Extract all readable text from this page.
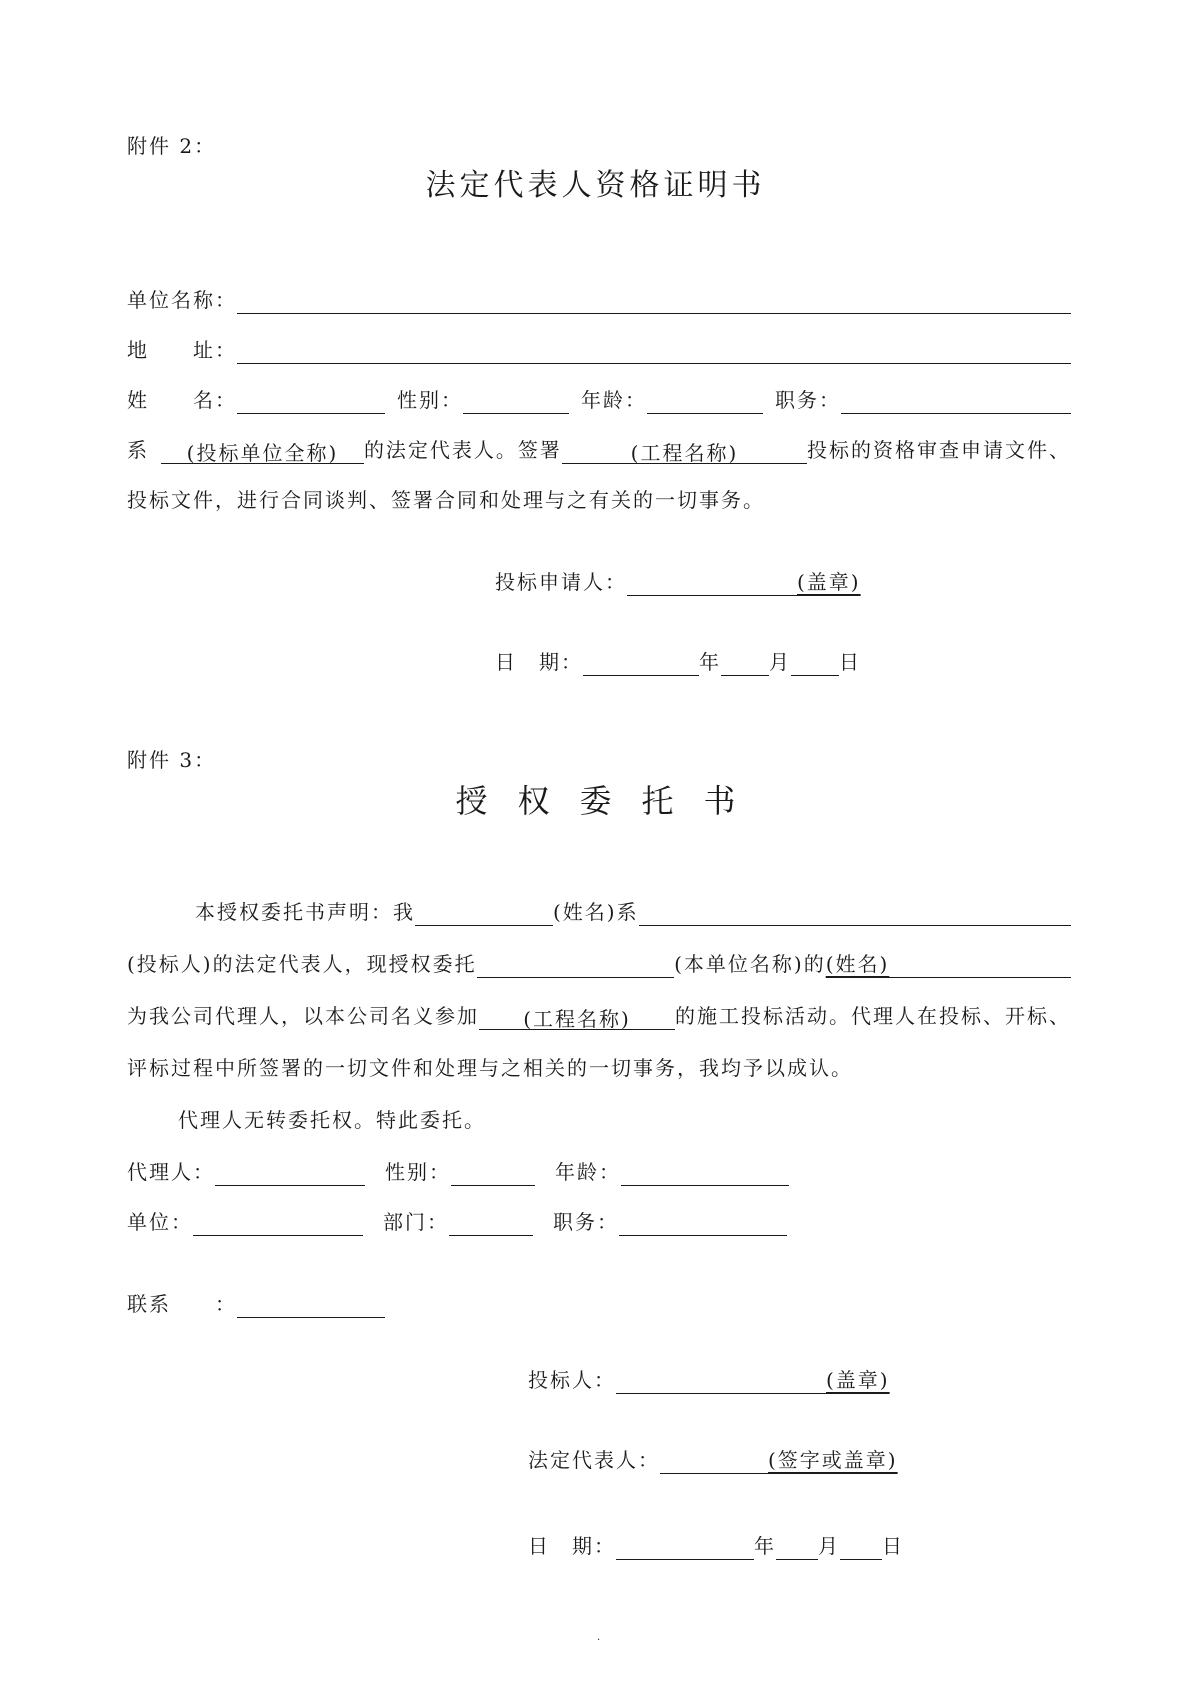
附件 2：
法定代表人资格证明书
单位名称：
地　　址：
姓　　名：	性别：	年龄：	职务：
系	(投标单位全称)	的法定代表人。签署	(工程名称)	投标的资格审查申请文件、
投标文件，进行合同谈判、签署合同和处理与之有关的一切事务。
投标申请人：	(盖章)
日　期：	年 月 日
附件 3：
授权委托书
本授权委托书声明：我	(姓名)系
(投标人)的法定代表人，现授权委托	(本单位名称)的 (姓名)
为我公司代理人，以本公司名义参加	(工程名称)	的施工投标活动。代理人在投标、开标、
评标过程中所签署的一切文件和处理与之相关的一切事务，我均予以成认。
代理人无转委托权。特此委托。
代理人：	性别：	年龄：
单位：	部门：	职务：
联系　　：
投标人：	(盖章)
法定代表人：	(签字或盖章)
日　期：	年 月 日
.
